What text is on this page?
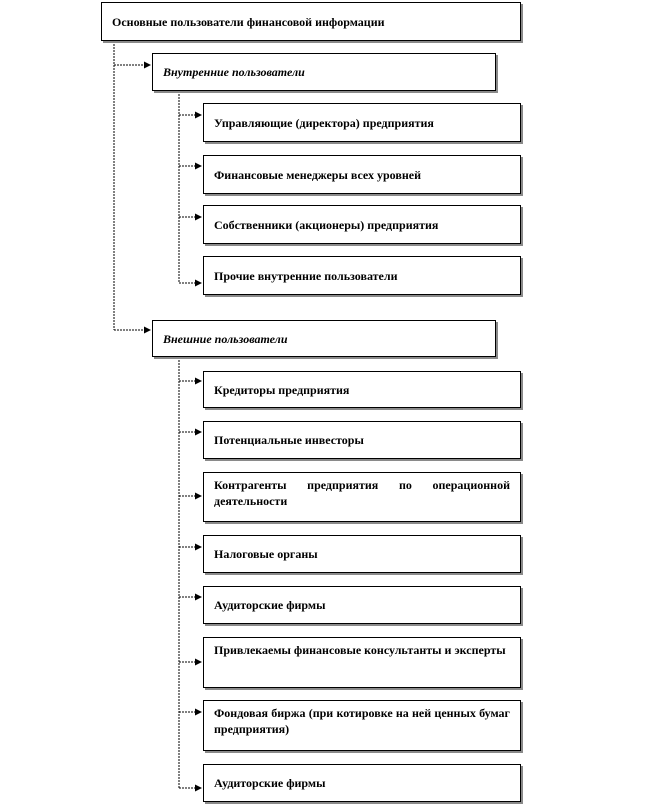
Основные пользователи финансовой информации
Внутренние пользователи
Управляющие (директора) предприятия
Финансовые менеджеры всех уровней
Собственники (акционеры) предприятия
Прочие внутренние пользователи
Внешние пользователи
Кредиторы предприятия
Потенциальные инвесторы
Контрагенты предприятия по операционной деятельности
Налоговые органы
Аудиторские фирмы
Привлекаемы финансовые консультанты и эксперты
Фондовая биржа (при котировке на ней ценных бумаг предприятия)
Аудиторские фирмы
